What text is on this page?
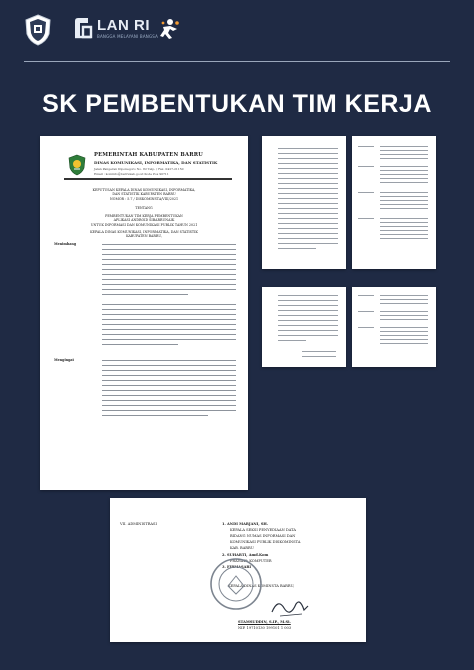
LAN RI
BANGGA MELAYANI BANGSA
SK PEMBENTUKAN TIM KERJA
PEMERINTAH KABUPATEN BARRU
DINAS KOMUNIKASI, INFORMATIKA, DAN STATISTIK
Jalan Pangeran Diponegoro No. 82 Telp. / Fax. 0427-21150
Email : kominfo@barrukab.go.id Kode Pos 90711
KEPUTUSAN KEPALA DINAS KOMUNIKASI, INFORMATIKA,
DAN STATISTIK KABUPATEN BARRU
NOMOR : 5.7 / DISKOMINSTA/VIII/2021
TENTANG
PEMBENTUKAN TIM KERJA PEMBENTUKAN
APLIKASI ANDROID SIBARRUNAIK
UNTUK INFORMASI DAN KOMUNIKASI PUBLIK TAHUN 2021
KEPALA DINAS KOMUNIKASI, INFORMATIKA, DAN STATISTIK
KABUPATEN BARRU,
Menimbang
Mengingat
VII. ADMINISTRASI	1. ANDI MARJANI, SH.
KEPALA SEKSI PENYEDIAAN DATA
BIDANG NUMAS INFORMASI DAN
KOMUNIKASI PUBLIK DISKOMINSTA
KAB. BARRU
2. SUHARTI, Amd.Kom
PRANATA KOMPUTER
3. FIRMASARI
KEPALA DINAS KOMINSTA BARRU,
STAMSUDDIN, S.IP., M.Si.
NIP. 19710130 199101 1 003
